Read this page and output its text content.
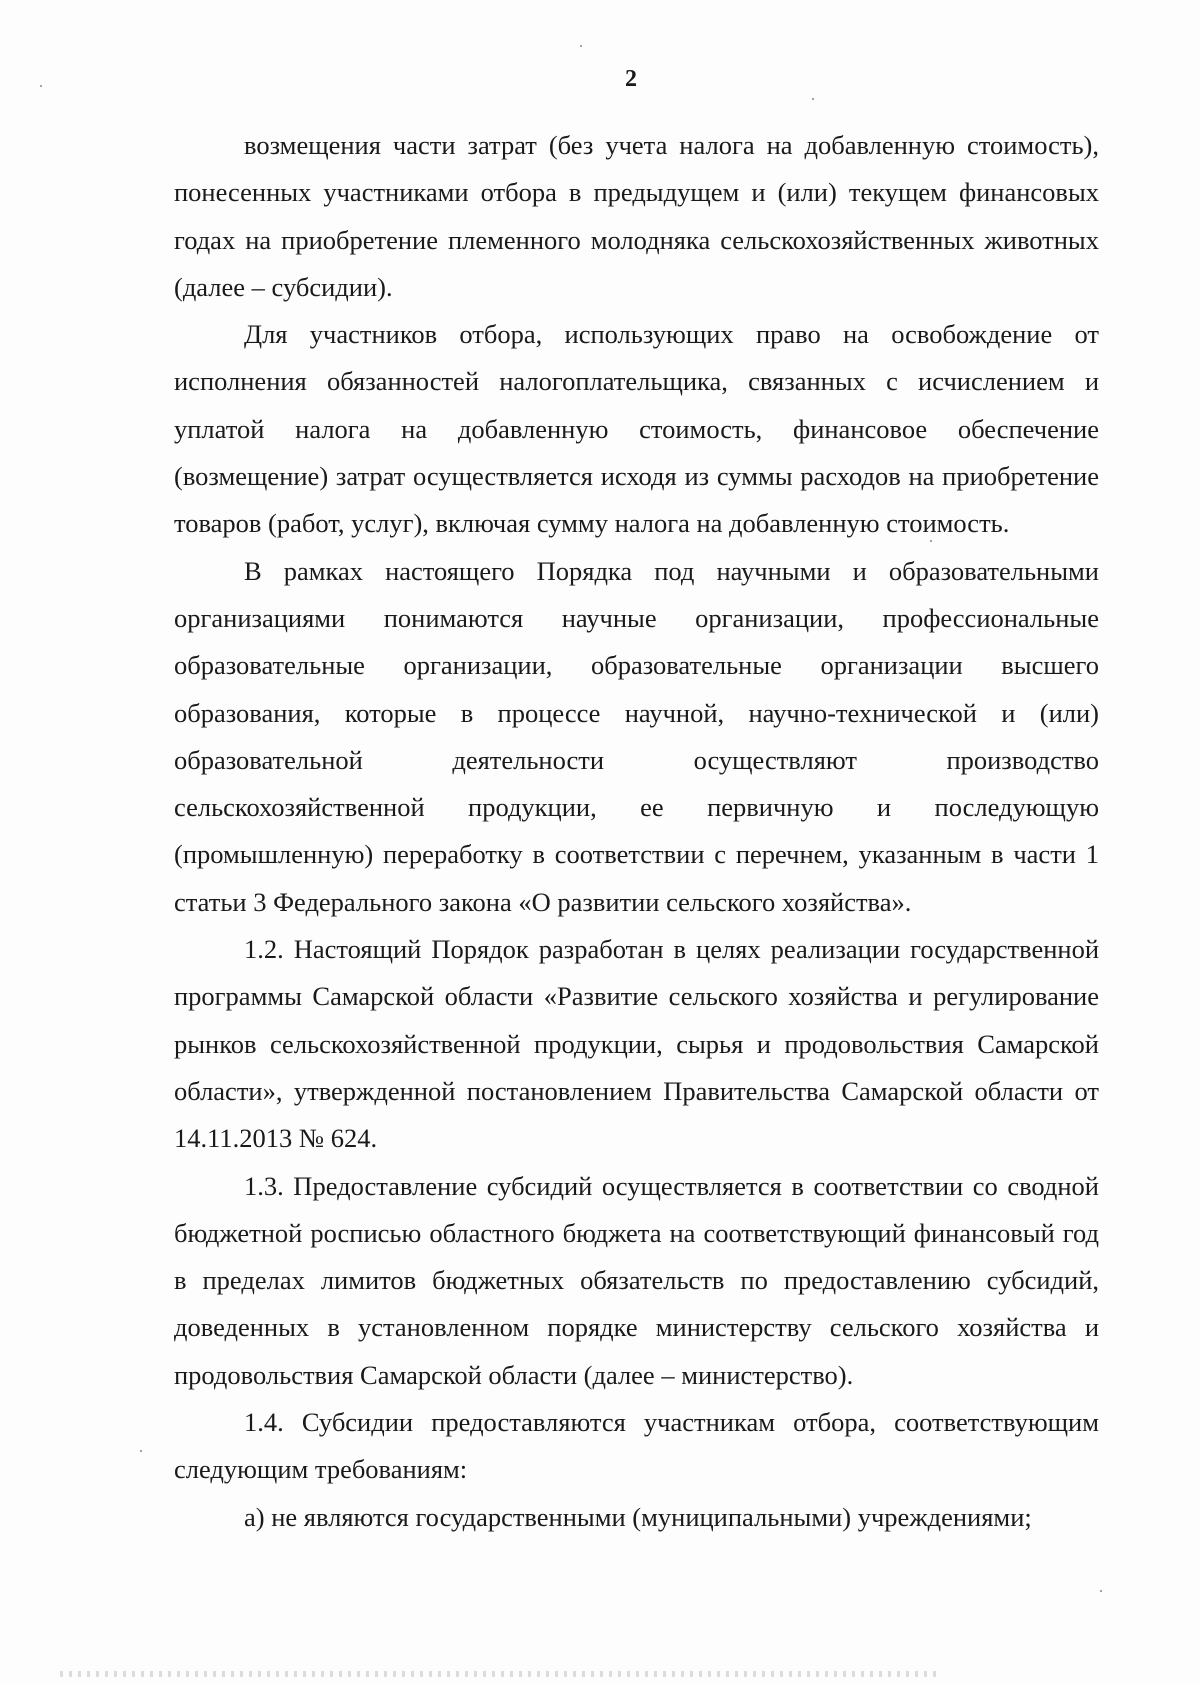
2

возмещения части затрат (без учета налога на добавленную стоимость), понесенных участниками отбора в предыдущем и (или) текущем финансовых годах на приобретение племенного молодняка сельскохозяйственных животных (далее – субсидии).

Для участников отбора, использующих право на освобождение от исполнения обязанностей налогоплательщика, связанных с исчислением и уплатой налога на добавленную стоимость, финансовое обеспечение (возмещение) затрат осуществляется исходя из суммы расходов на приобретение товаров (работ, услуг), включая сумму налога на добавленную стоимость.

В рамках настоящего Порядка под научными и образовательными организациями понимаются научные организации, профессиональные образовательные организации, образовательные организации высшего образования, которые в процессе научной, научно-технической и (или) образовательной деятельности осуществляют производство сельскохозяйственной продукции, ее первичную и последующую (промышленную) переработку в соответствии с перечнем, указанным в части 1 статьи 3 Федерального закона «О развитии сельского хозяйства».

1.2. Настоящий Порядок разработан в целях реализации государственной программы Самарской области «Развитие сельского хозяйства и регулирование рынков сельскохозяйственной продукции, сырья и продовольствия Самарской области», утвержденной постановлением Правительства Самарской области от 14.11.2013 № 624.

1.3. Предоставление субсидий осуществляется в соответствии со сводной бюджетной росписью областного бюджета на соответствующий финансовый год в пределах лимитов бюджетных обязательств по предоставлению субсидий, доведенных в установленном порядке министерству сельского хозяйства и продовольствия Самарской области (далее – министерство).

1.4. Субсидии предоставляются участникам отбора, соответствующим следующим требованиям:

а) не являются государственными (муниципальными) учреждениями;
